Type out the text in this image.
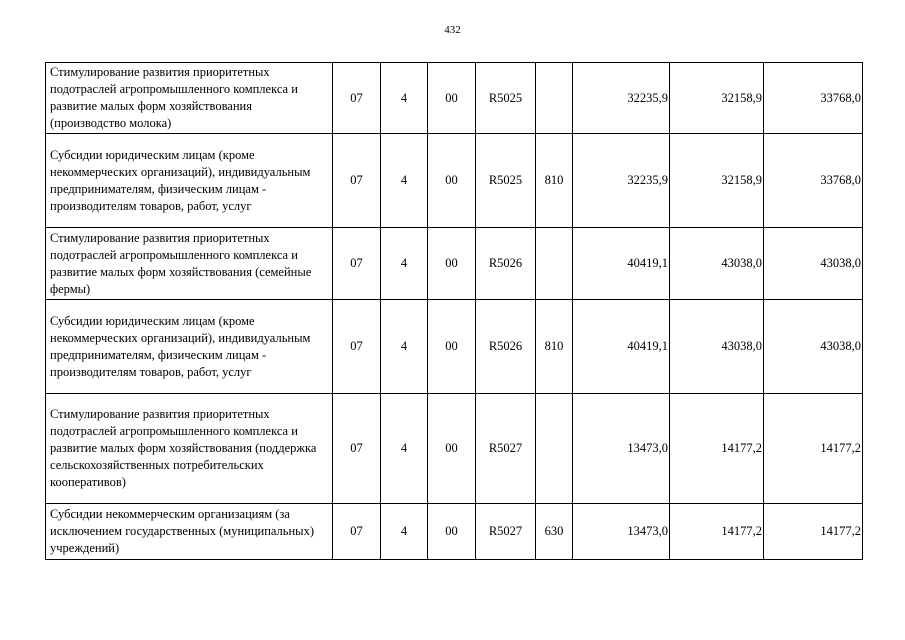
432
Стимулирование развития приоритетных подотраслей агропромышленного комплекса и развитие малых форм хозяйствования (производство молока)	07	4	00	R5025		32235,9	32158,9	33768,0
Субсидии юридическим лицам (кроме некоммерческих организаций), индивидуальным предпринимателям, физическим лицам - производителям товаров, работ, услуг	07	4	00	R5025	810	32235,9	32158,9	33768,0
Стимулирование развития приоритетных подотраслей агропромышленного комплекса и развитие малых форм хозяйствования (семейные фермы)	07	4	00	R5026		40419,1	43038,0	43038,0
Субсидии юридическим лицам (кроме некоммерческих организаций), индивидуальным предпринимателям, физическим лицам - производителям товаров, работ, услуг	07	4	00	R5026	810	40419,1	43038,0	43038,0
Стимулирование развития приоритетных подотраслей агропромышленного комплекса и развитие малых форм хозяйствования (поддержка сельскохозяйственных потребительских кооперативов)	07	4	00	R5027		13473,0	14177,2	14177,2
Субсидии некоммерческим организациям (за исключением государственных (муниципальных) учреждений)	07	4	00	R5027	630	13473,0	14177,2	14177,2
